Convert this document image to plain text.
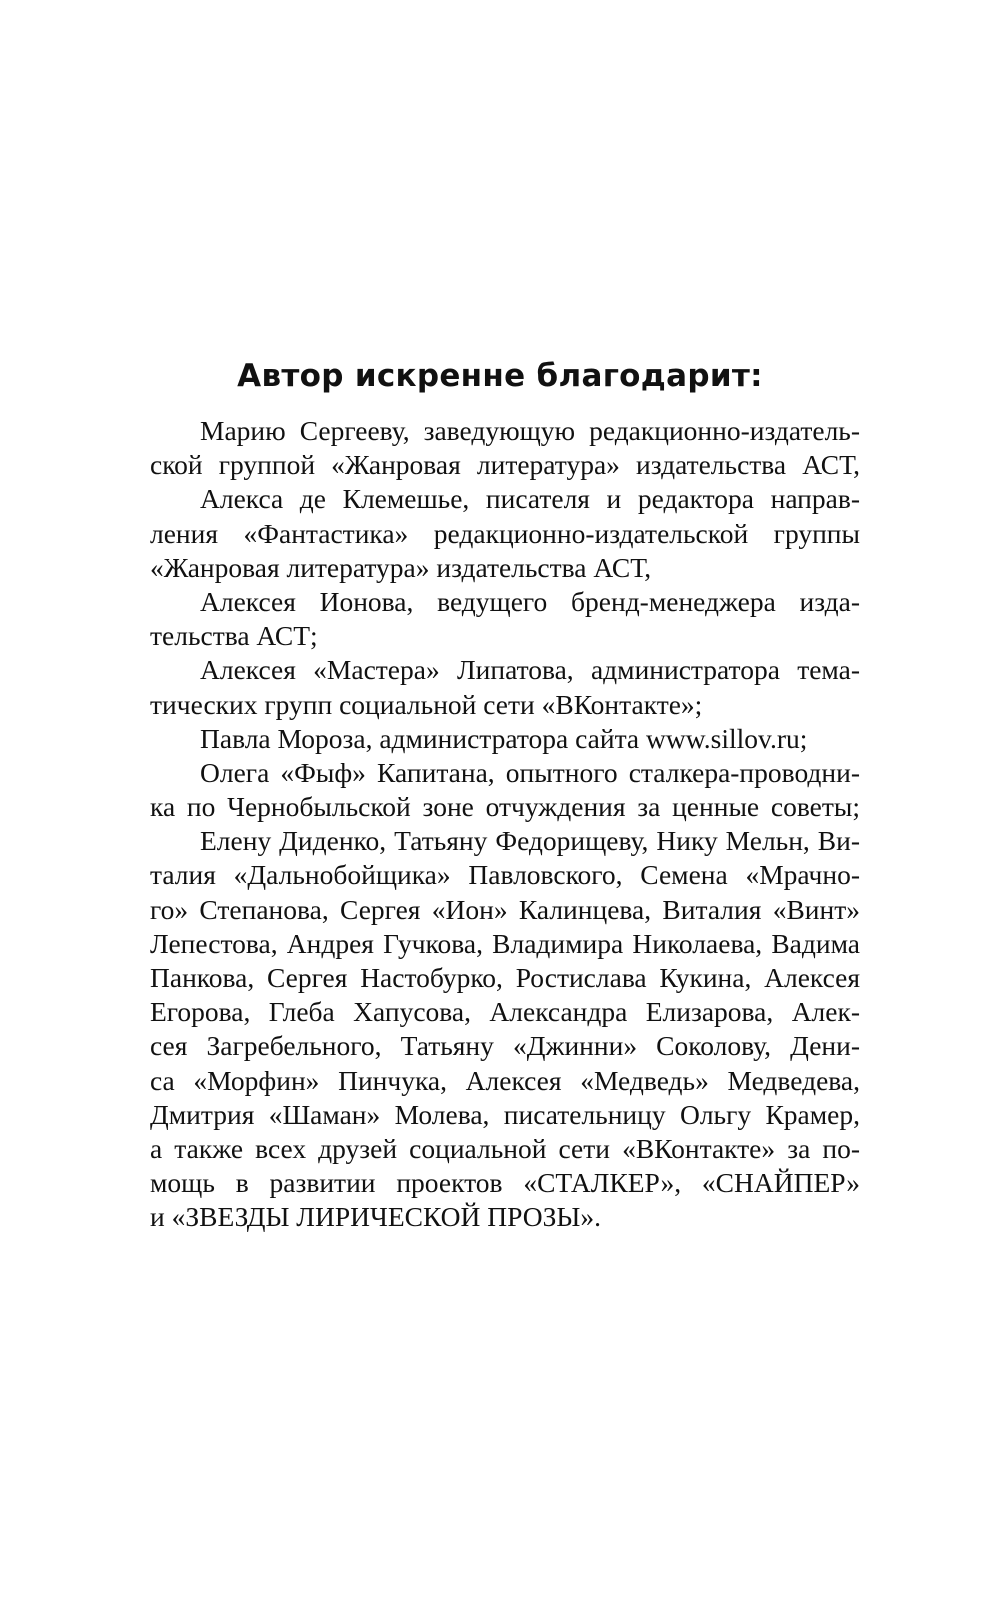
Автор искренне благодарит:
Марию Сергееву, заведующую редакционно-издатель-
ской группой «Жанровая литература» издательства АСТ,
Алекса де Клемешье, писателя и редактора направ-
ления «Фантастика» редакционно-издательской группы
«Жанровая литература» издательства АСТ,
Алексея Ионова, ведущего бренд-менеджера изда-
тельства АСТ;
Алексея «Мастера» Липатова, администратора тема-
тических групп социальной сети «ВКонтакте»;
Павла Мороза, администратора сайта www.sillov.ru;
Олега «Фыф» Капитана, опытного сталкера-проводни-
ка по Чернобыльской зоне отчуждения за ценные советы;
Елену Диденко, Татьяну Федорищеву, Нику Мельн, Ви-
талия «Дальнобойщика» Павловского, Семена «Мрачно-
го» Степанова, Сергея «Ион» Калинцева, Виталия «Винт»
Лепестова, Андрея Гучкова, Владимира Николаева, Вадима
Панкова, Сергея Настобурко, Ростислава Кукина, Алексея
Егорова, Глеба Хапусова, Александра Елизарова, Алек-
сея Загребельного, Татьяну «Джинни» Соколову, Дени-
са «Морфин» Пинчука, Алексея «Медведь» Медведева,
Дмитрия «Шаман» Молева, писательницу Ольгу Крамер,
а также всех друзей социальной сети «ВКонтакте» за по-
мощь в развитии проектов «СТАЛКЕР», «СНАЙПЕР»
и «ЗВЕЗДЫ ЛИРИЧЕСКОЙ ПРОЗЫ».
